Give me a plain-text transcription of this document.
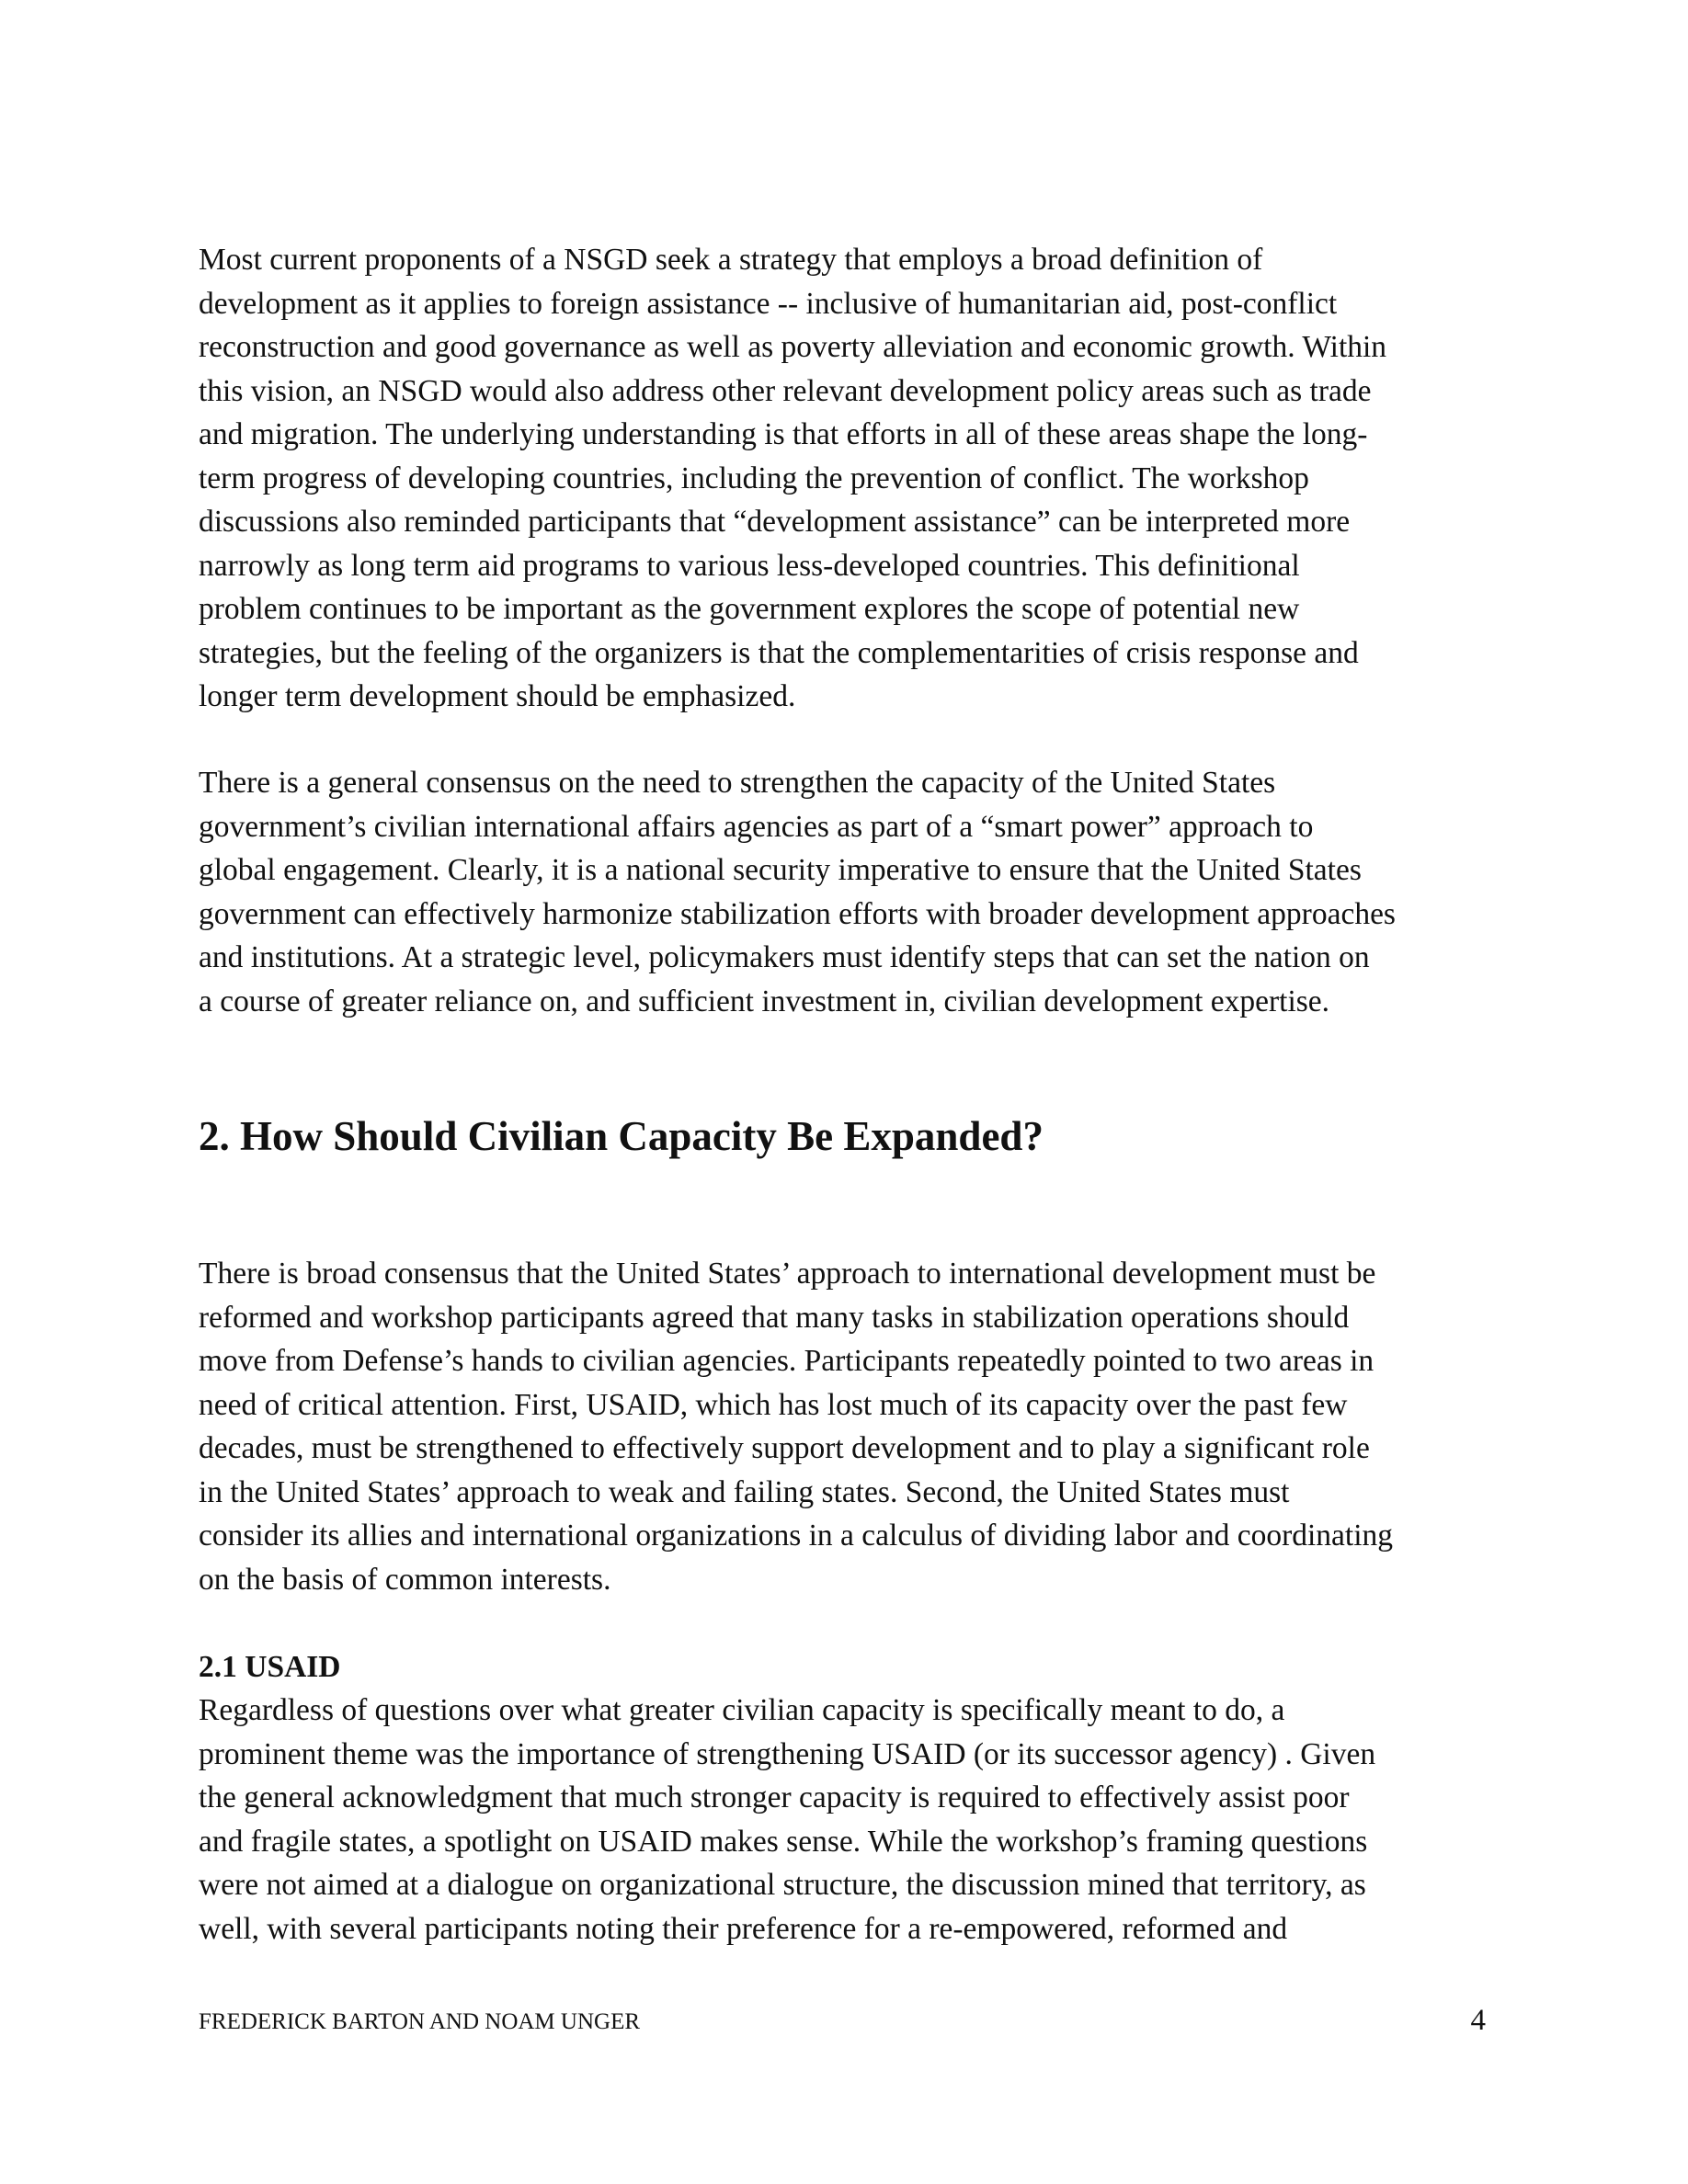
Most current proponents of a NSGD seek a strategy that employs a broad definition of
development as it applies to foreign assistance -- inclusive of humanitarian aid, post-conflict
reconstruction and good governance as well as poverty alleviation and economic growth. Within
this vision, an NSGD would also address other relevant development policy areas such as trade
and migration. The underlying understanding is that efforts in all of these areas shape the long-
term progress of developing countries, including the prevention of conflict. The workshop
discussions also reminded participants that “development assistance” can be interpreted more
narrowly as long term aid programs to various less-developed countries. This definitional
problem continues to be important as the government explores the scope of potential new
strategies, but the feeling of the organizers is that the complementarities of crisis response and
longer term development should be emphasized.
There is a general consensus on the need to strengthen the capacity of the United States
government’s civilian international affairs agencies as part of a “smart power” approach to
global engagement. Clearly, it is a national security imperative to ensure that the United States
government can effectively harmonize stabilization efforts with broader development approaches
and institutions. At a strategic level, policymakers must identify steps that can set the nation on
a course of greater reliance on, and sufficient investment in, civilian development expertise.
2. How Should Civilian Capacity Be Expanded?
There is broad consensus that the United States’ approach to international development must be
reformed and workshop participants agreed that many tasks in stabilization operations should
move from Defense’s hands to civilian agencies. Participants repeatedly pointed to two areas in
need of critical attention. First, USAID, which has lost much of its capacity over the past few
decades, must be strengthened to effectively support development and to play a significant role
in the United States’ approach to weak and failing states. Second, the United States must
consider its allies and international organizations in a calculus of dividing labor and coordinating
on the basis of common interests.
2.1 USAID
Regardless of questions over what greater civilian capacity is specifically meant to do, a
prominent theme was the importance of strengthening USAID (or its successor agency) . Given
the general acknowledgment that much stronger capacity is required to effectively assist poor
and fragile states, a spotlight on USAID makes sense. While the workshop’s framing questions
were not aimed at a dialogue on organizational structure, the discussion mined that territory, as
well, with several participants noting their preference for a re-empowered, reformed and
FREDERICK BARTON AND NOAM UNGER	4
